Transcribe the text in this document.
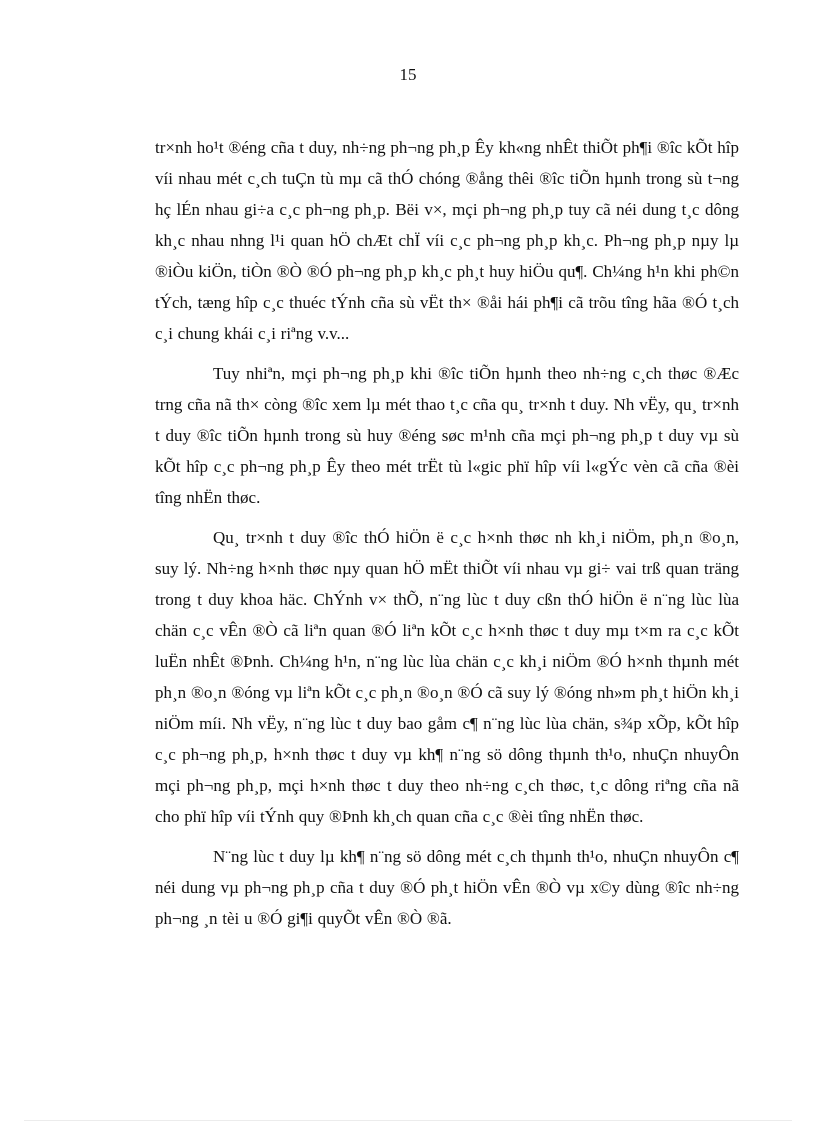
15

tr×nh ho¹t ®éng cña t duy, nh÷ng ph¬ng ph¸p Êy kh«ng nhÊt thiÕt ph¶i ®îc kÕt hîp víi nhau mét c¸ch tuÇn tù mµ cã thÓ chóng ®ång thêi ®îc tiÕn hµnh trong sù t¬ng hç lÉn nhau gi÷a c¸c ph¬ng ph¸p. Bëi v×, mçi ph¬ng ph¸p tuy cã néi dung t¸c dông kh¸c nhau nhng l¹i quan hÖ chÆt chÏ víi c¸c ph¬ng ph¸p kh¸c. Ph¬ng ph¸p nµy lµ ®iÒu kiÖn, tiÒn ®Ò ®Ó ph¬ng ph¸p kh¸c ph¸t huy hiÖu qu¶. Ch¼ng h¹n khi ph©n tÝch, tæng hîp c¸c thuéc tÝnh cña sù vËt th× ®åi hái ph¶i cã trõu tîng hãa ®Ó t¸ch c¸i chung khái c¸i riªng v.v...

Tuy nhiªn, mçi ph¬ng ph¸p khi ®îc tiÕn hµnh theo nh÷ng c¸ch thøc ®Æc trng cña nã th× còng ®îc xem lµ mét thao t¸c cña qu¸ tr×nh t duy. Nh vËy, qu¸ tr×nh t duy ®îc tiÕn hµnh trong sù huy ®éng søc m¹nh cña mçi ph¬ng ph¸p t duy vµ sù kÕt hîp c¸c ph¬ng ph¸p Êy theo mét trËt tù l«gic phï hîp víi l«gÝc vèn cã cña ®èi tîng nhËn thøc.

Qu¸ tr×nh t duy ®îc thÓ hiÖn ë c¸c h×nh thøc nh kh¸i niÖm, ph¸n ®o¸n, suy lý. Nh÷ng h×nh thøc nµy quan hÖ mËt thiÕt víi nhau vµ gi÷ vai trß quan träng trong t duy khoa häc. ChÝnh v× thÕ, n¨ng lùc t duy cßn thÓ hiÖn ë n¨ng lùc lùa chän c¸c vÊn ®Ò cã liªn quan ®Ó liªn kÕt c¸c h×nh thøc t duy mµ t×m ra c¸c kÕt luËn nhÊt ®Þnh. Ch¼ng h¹n, n¨ng lùc lùa chän c¸c kh¸i niÖm ®Ó h×nh thµnh mét ph¸n ®o¸n ®óng vµ liªn kÕt c¸c ph¸n ®o¸n ®Ó cã suy lý ®óng nh»m ph¸t hiÖn kh¸i niÖm míi. Nh vËy, n¨ng lùc t duy bao gåm c¶ n¨ng lùc lùa chän, s¾p xÕp, kÕt hîp c¸c ph¬ng ph¸p, h×nh thøc t duy vµ kh¶ n¨ng sö dông thµnh th¹o, nhuÇn nhuyÔn mçi ph¬ng ph¸p, mçi h×nh thøc t duy theo nh÷ng c¸ch thøc, t¸c dông riªng cña nã cho phï hîp víi tÝnh quy ®Þnh kh¸ch quan cña c¸c ®èi tîng nhËn thøc.

N¨ng lùc t duy lµ kh¶ n¨ng sö dông mét c¸ch thµnh th¹o, nhuÇn nhuyÔn c¶ néi dung vµ ph¬ng ph¸p cña t duy ®Ó ph¸t hiÖn vÊn ®Ò vµ x©y dùng ®îc nh÷ng ph¬ng ¸n tèi u ®Ó gi¶i quyÕt vÊn ®Ò ®ã.
